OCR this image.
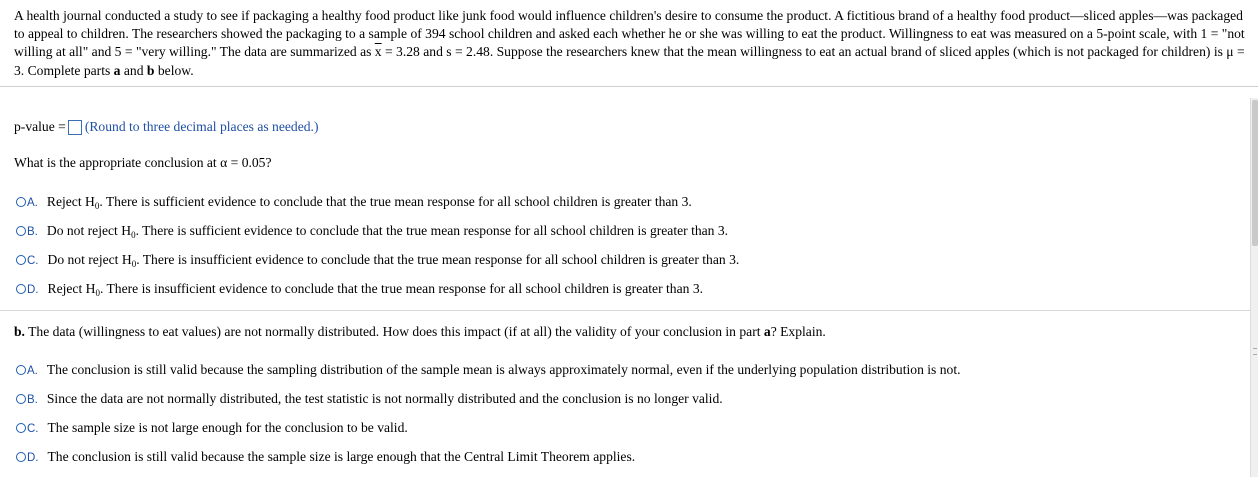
A health journal conducted a study to see if packaging a healthy food product like junk food would influence children's desire to consume the product. A fictitious brand of a healthy food product—sliced apples—was packaged to appeal to children. The researchers showed the packaging to a sample of 394 school children and asked each whether he or she was willing to eat the product. Willingness to eat was measured on a 5-point scale, with 1 = "not willing at all" and 5 = "very willing." The data are summarized as $\overline{x} = 3.28$ and s = 2.48. Suppose the researchers knew that the mean willingness to eat an actual brand of sliced apples (which is not packaged for children) is μ = 3. Complete parts a and b below.
p-value = (Round to three decimal places as needed.)
What is the appropriate conclusion at α = 0.05?
A. Reject $H_0$. There is sufficient evidence to conclude that the true mean response for all school children is greater than 3.
B. Do not reject $H_0$. There is sufficient evidence to conclude that the true mean response for all school children is greater than 3.
C. Do not reject $H_0$. There is insufficient evidence to conclude that the true mean response for all school children is greater than 3.
D. Reject $H_0$. There is insufficient evidence to conclude that the true mean response for all school children is greater than 3.
b. The data (willingness to eat values) are not normally distributed. How does this impact (if at all) the validity of your conclusion in part a? Explain.
A. The conclusion is still valid because the sampling distribution of the sample mean is always approximately normal, even if the underlying population distribution is not.
B. Since the data are not normally distributed, the test statistic is not normally distributed and the conclusion is no longer valid.
C. The sample size is not large enough for the conclusion to be valid.
D. The conclusion is still valid because the sample size is large enough that the Central Limit Theorem applies.
